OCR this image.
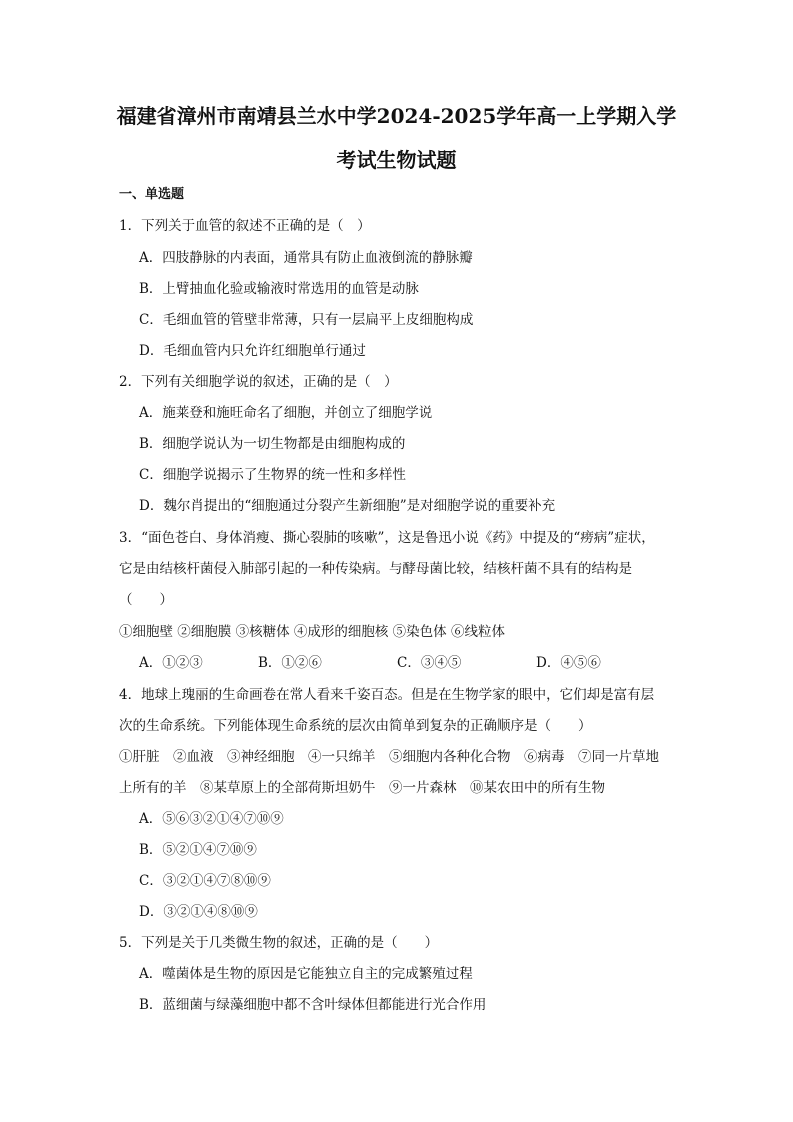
福建省漳州市南靖县兰水中学2024-2025学年高一上学期入学
考试生物试题
一、单选题
1．下列关于血管的叙述不正确的是（　）
A．四肢静脉的内表面，通常具有防止血液倒流的静脉瓣
B．上臂抽血化验或输液时常选用的血管是动脉
C．毛细血管的管壁非常薄，只有一层扁平上皮细胞构成
D．毛细血管内只允许红细胞单行通过
2．下列有关细胞学说的叙述，正确的是（　）
A．施莱登和施旺命名了细胞，并创立了细胞学说
B．细胞学说认为一切生物都是由细胞构成的
C．细胞学说揭示了生物界的统一性和多样性
D．魏尔肖提出的“细胞通过分裂产生新细胞”是对细胞学说的重要补充
3．“面色苍白、身体消瘦、撕心裂肺的咳嗽”，这是鲁迅小说《药》中提及的“痨病”症状，
它是由结核杆菌侵入肺部引起的一种传染病。与酵母菌比较，结核杆菌不具有的结构是
（　　）
①细胞壁 ②细胞膜 ③核糖体 ④成形的细胞核 ⑤染色体 ⑥线粒体
A．①②③	B．①②⑥	C．③④⑤	D．④⑤⑥
4．地球上瑰丽的生命画卷在常人看来千姿百态。但是在生物学家的眼中，它们却是富有层
次的生命系统。下列能体现生命系统的层次由简单到复杂的正确顺序是（　　）
①肝脏　②血液　③神经细胞　④一只绵羊　⑤细胞内各种化合物　⑥病毒　⑦同一片草地
上所有的羊　⑧某草原上的全部荷斯坦奶牛　⑨一片森林　⑩某农田中的所有生物
A．⑤⑥③②①④⑦⑩⑨
B．⑤②①④⑦⑩⑨
C．③②①④⑦⑧⑩⑨
D．③②①④⑧⑩⑨
5．下列是关于几类微生物的叙述，正确的是（　　）
A．噬菌体是生物的原因是它能独立自主的完成繁殖过程
B．蓝细菌与绿藻细胞中都不含叶绿体但都能进行光合作用
